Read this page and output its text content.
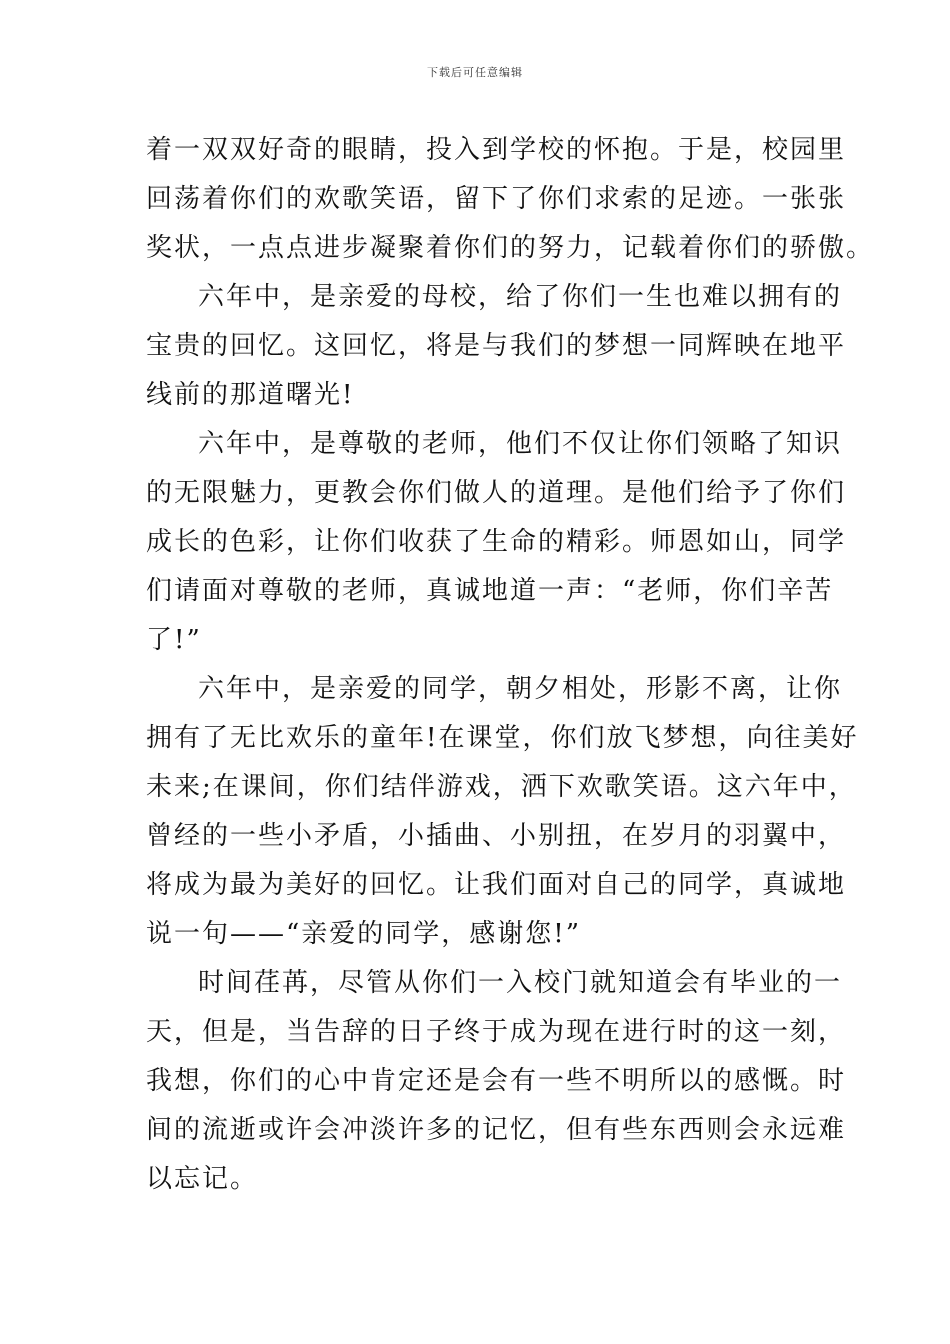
下载后可任意编辑
着一双双好奇的眼睛，投入到学校的怀抱。于是，校园里
回荡着你们的欢歌笑语，留下了你们求索的足迹。一张张
奖状，一点点进步凝聚着你们的努力，记载着你们的骄傲。
六年中，是亲爱的母校，给了你们一生也难以拥有的
宝贵的回忆。这回忆，将是与我们的梦想一同辉映在地平
线前的那道曙光!
六年中，是尊敬的老师，他们不仅让你们领略了知识
的无限魅力，更教会你们做人的道理。是他们给予了你们
成长的色彩，让你们收获了生命的精彩。师恩如山，同学
们请面对尊敬的老师，真诚地道一声：“老师，你们辛苦
了!”
六年中，是亲爱的同学，朝夕相处，形影不离，让你
拥有了无比欢乐的童年!在课堂，你们放飞梦想，向往美好
未来;在课间，你们结伴游戏，洒下欢歌笑语。这六年中，
曾经的一些小矛盾，小插曲、小别扭，在岁月的羽翼中，
将成为最为美好的回忆。让我们面对自己的同学，真诚地
说一句——“亲爱的同学，感谢您!”
时间荏苒，尽管从你们一入校门就知道会有毕业的一
天，但是，当告辞的日子终于成为现在进行时的这一刻，
我想，你们的心中肯定还是会有一些不明所以的感慨。时
间的流逝或许会冲淡许多的记忆，但有些东西则会永远难
以忘记。
